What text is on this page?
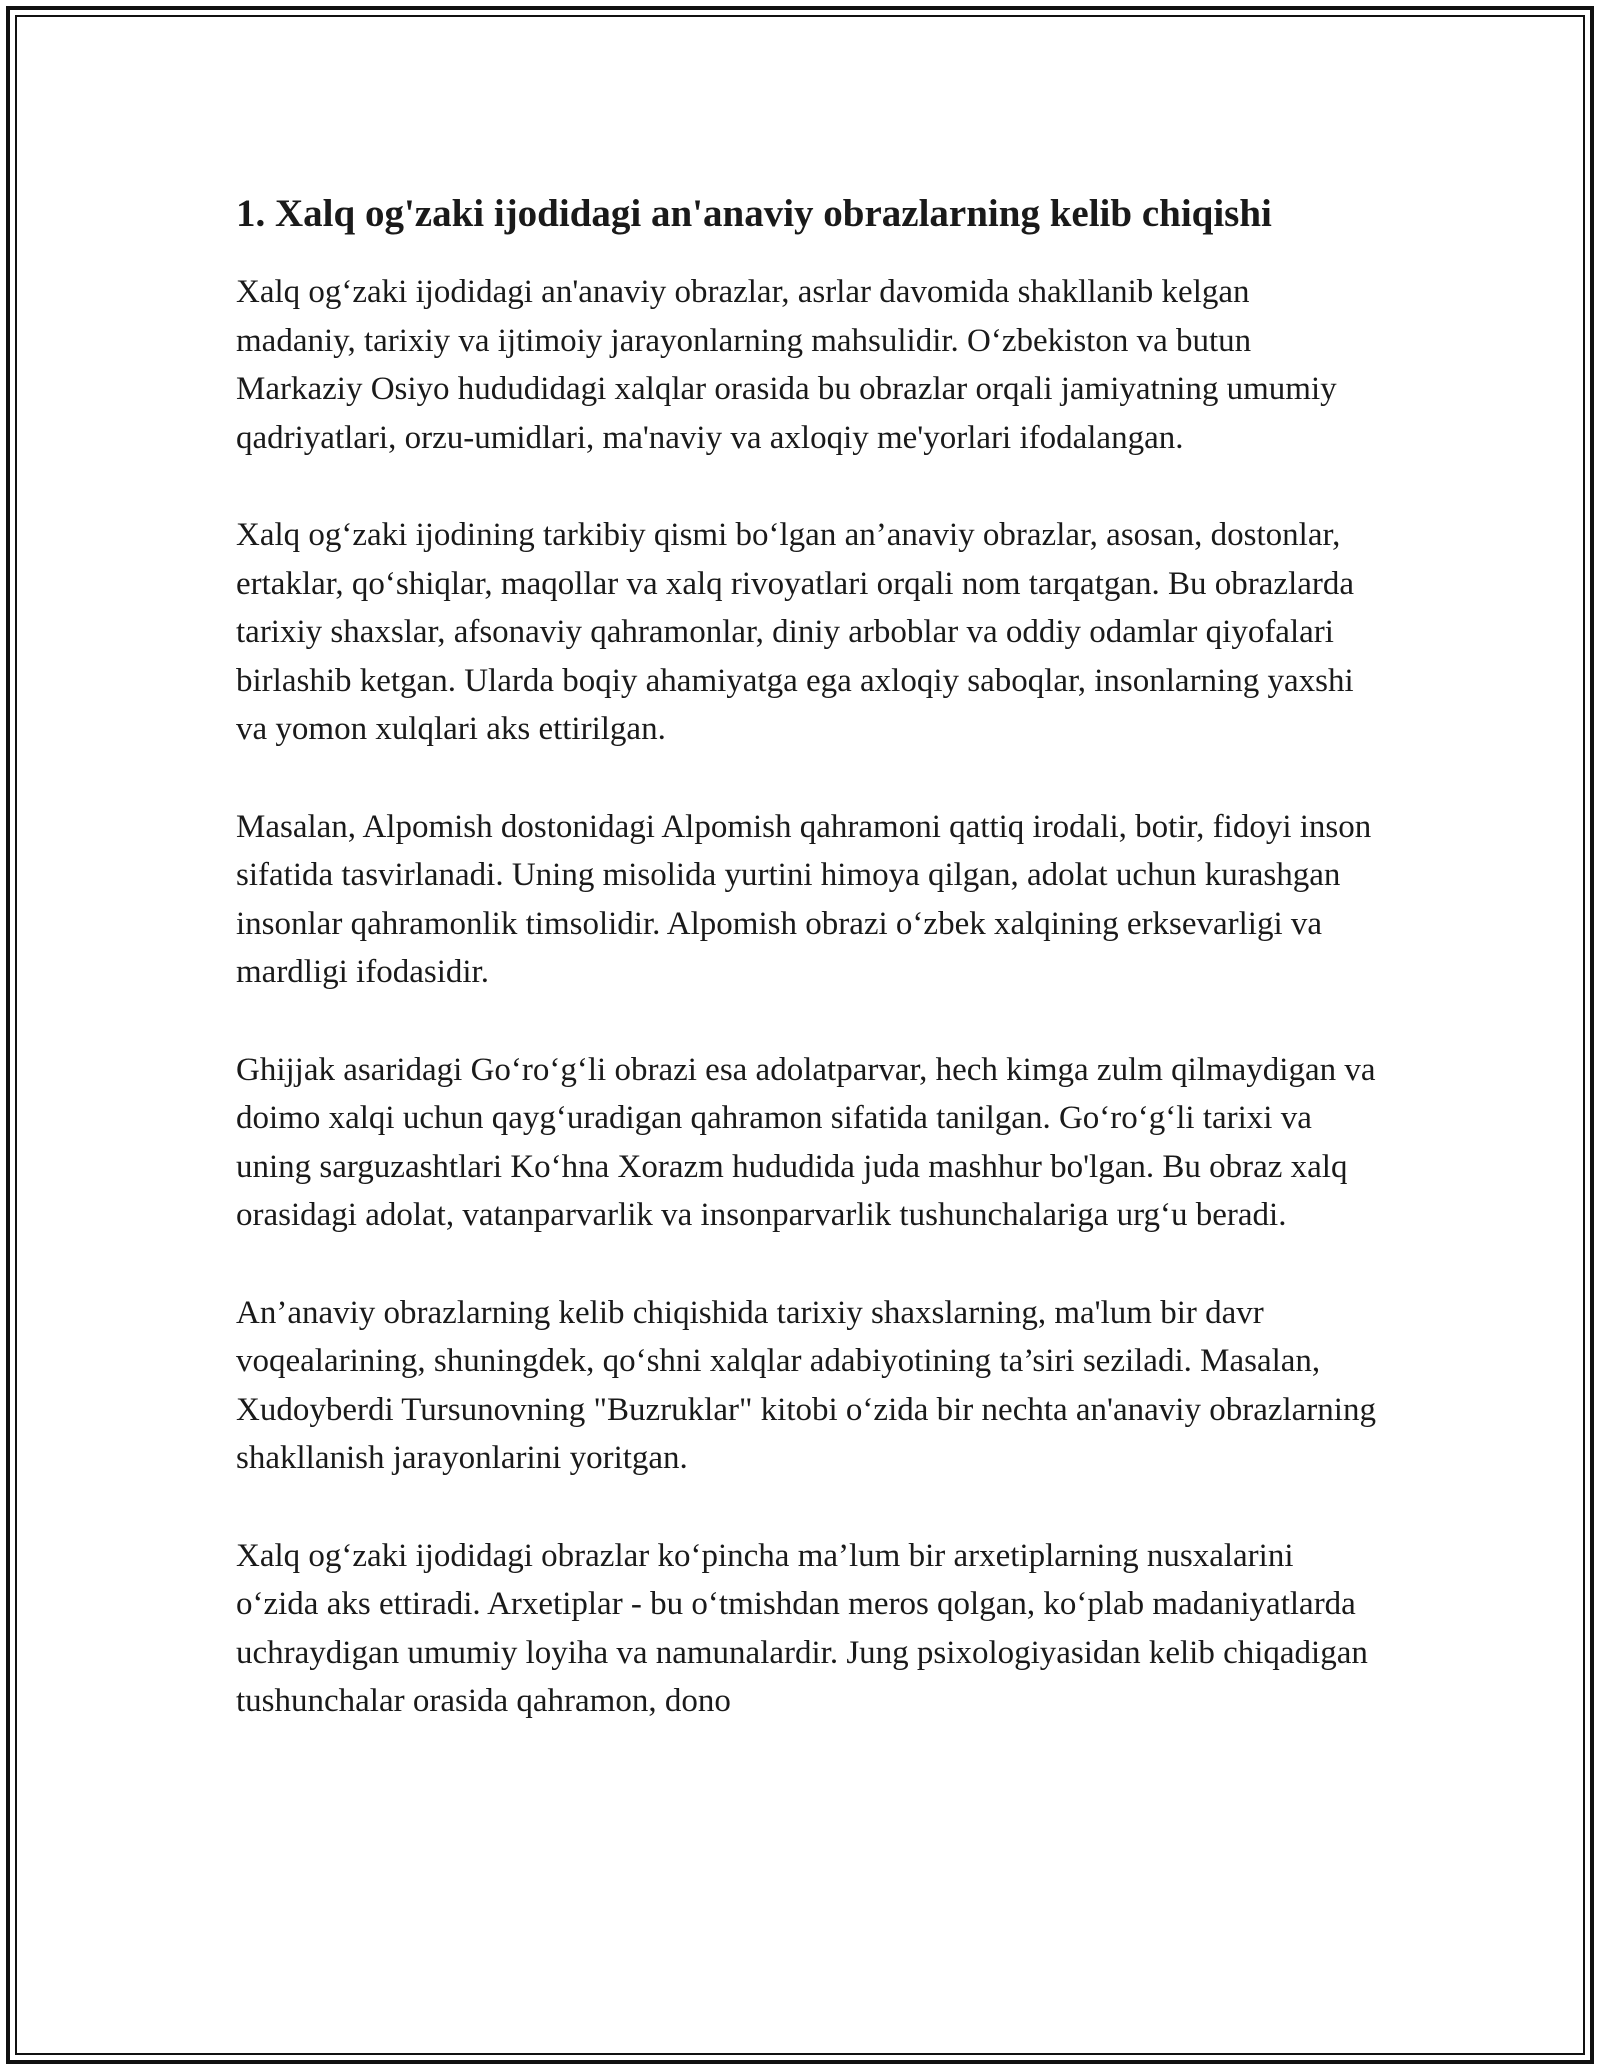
1. Xalq og'zaki ijodidagi an'anaviy obrazlarning kelib chiqishi

Xalq og‘zaki ijodidagi an'anaviy obrazlar, asrlar davomida shakllanib kelgan madaniy, tarixiy va ijtimoiy jarayonlarning mahsulidir. O‘zbekiston va butun Markaziy Osiyo hududidagi xalqlar orasida bu obrazlar orqali jamiyatning umumiy qadriyatlari, orzu-umidlari, ma'naviy va axloqiy me'yorlari ifodalangan.

Xalq og‘zaki ijodining tarkibiy qismi bo‘lgan an’anaviy obrazlar, asosan, dostonlar, ertaklar, qo‘shiqlar, maqollar va xalq rivoyatlari orqali nom tarqatgan. Bu obrazlarda tarixiy shaxslar, afsonaviy qahramonlar, diniy arboblar va oddiy odamlar qiyofalari birlashib ketgan. Ularda boqiy ahamiyatga ega axloqiy saboqlar, insonlarning yaxshi va yomon xulqlari aks ettirilgan.

Masalan, Alpomish dostonidagi Alpomish qahramoni qattiq irodali, botir, fidoyi inson sifatida tasvirlanadi. Uning misolida yurtini himoya qilgan, adolat uchun kurashgan insonlar qahramonlik timsolidir. Alpomish obrazi o‘zbek xalqining erksevarligi va mardligi ifodasidir.

Ghijjak asaridagi Go‘ro‘g‘li obrazi esa adolatparvar, hech kimga zulm qilmaydigan va doimo xalqi uchun qayg‘uradigan qahramon sifatida tanilgan. Go‘ro‘g‘li tarixi va uning sarguzashtlari Ko‘hna Xorazm hududida juda mashhur bo'lgan. Bu obraz xalq orasidagi adolat, vatanparvarlik va insonparvarlik tushunchalariga urg‘u beradi.

An’anaviy obrazlarning kelib chiqishida tarixiy shaxslarning, ma'lum bir davr voqealarining, shuningdek, qo‘shni xalqlar adabiyotining ta’siri seziladi. Masalan, Xudoyberdi Tursunovning "Buzruklar" kitobi o‘zida bir nechta an'anaviy obrazlarning shakllanish jarayonlarini yoritgan.

Xalq og‘zaki ijodidagi obrazlar ko‘pincha ma’lum bir arxetiplarning nusxalarini o‘zida aks ettiradi. Arxetiplar - bu o‘tmishdan meros qolgan, ko‘plab madaniyatlarda uchraydigan umumiy loyiha va namunalardir. Jung psixologiyasidan kelib chiqadigan tushunchalar orasida qahramon, dono
